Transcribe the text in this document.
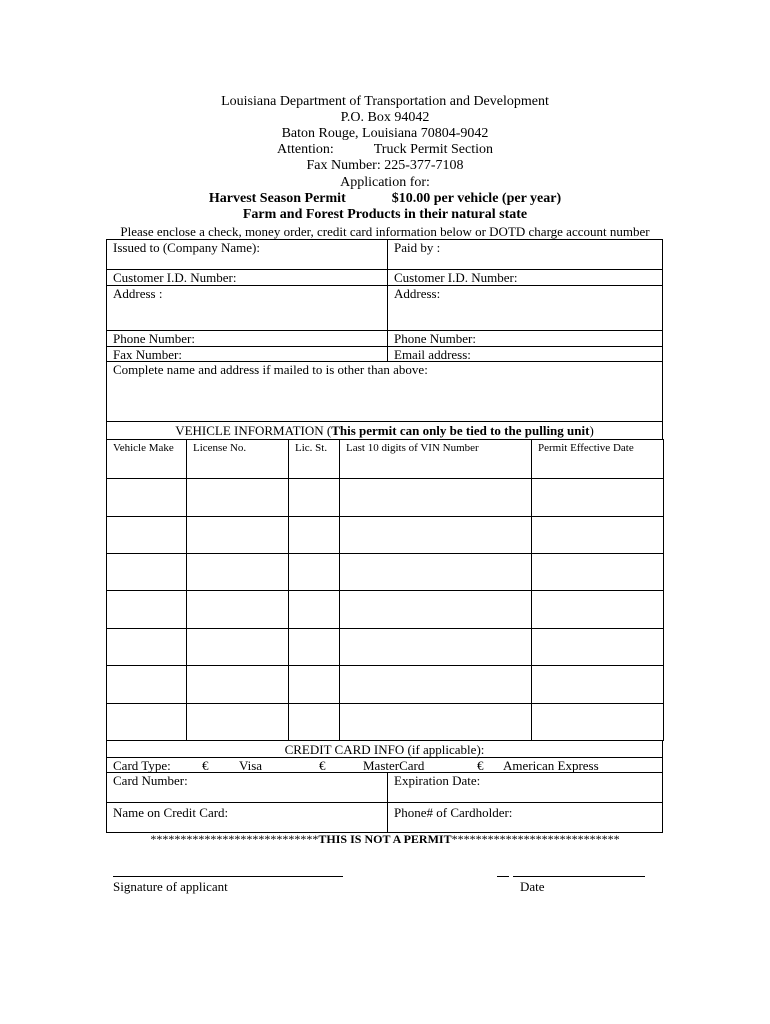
Louisiana Department of Transportation and Development
P.O. Box 94042
Baton Rouge, Louisiana 70804-9042
Attention:	Truck Permit Section
Fax Number: 225-377-7108
Application for:
Harvest Season Permit	$10.00 per vehicle (per year)
Farm and Forest Products in their natural state
Please enclose a check, money order, credit card information below or DOTD charge account number
Issued to (Company Name):	Paid by :
Customer I.D. Number:	Customer I.D. Number:
Address :	Address:
Phone Number:	Phone Number:
Fax Number:	Email address:
Complete name and address if mailed to is other than above:
VEHICLE INFORMATION (This permit can only be tied to the pulling unit)
Vehicle Make	License No.	Lic. St.	Last 10 digits of VIN Number	Permit Effective Date
CREDIT CARD INFO (if applicable):
Card Type: € Visa	€	MasterCard	€ American Express
Card Number:	Expiration Date:
Name on Credit Card:	Phone# of Cardholder:
****************************THIS IS NOT A PERMIT****************************
Signature of applicant	Date
